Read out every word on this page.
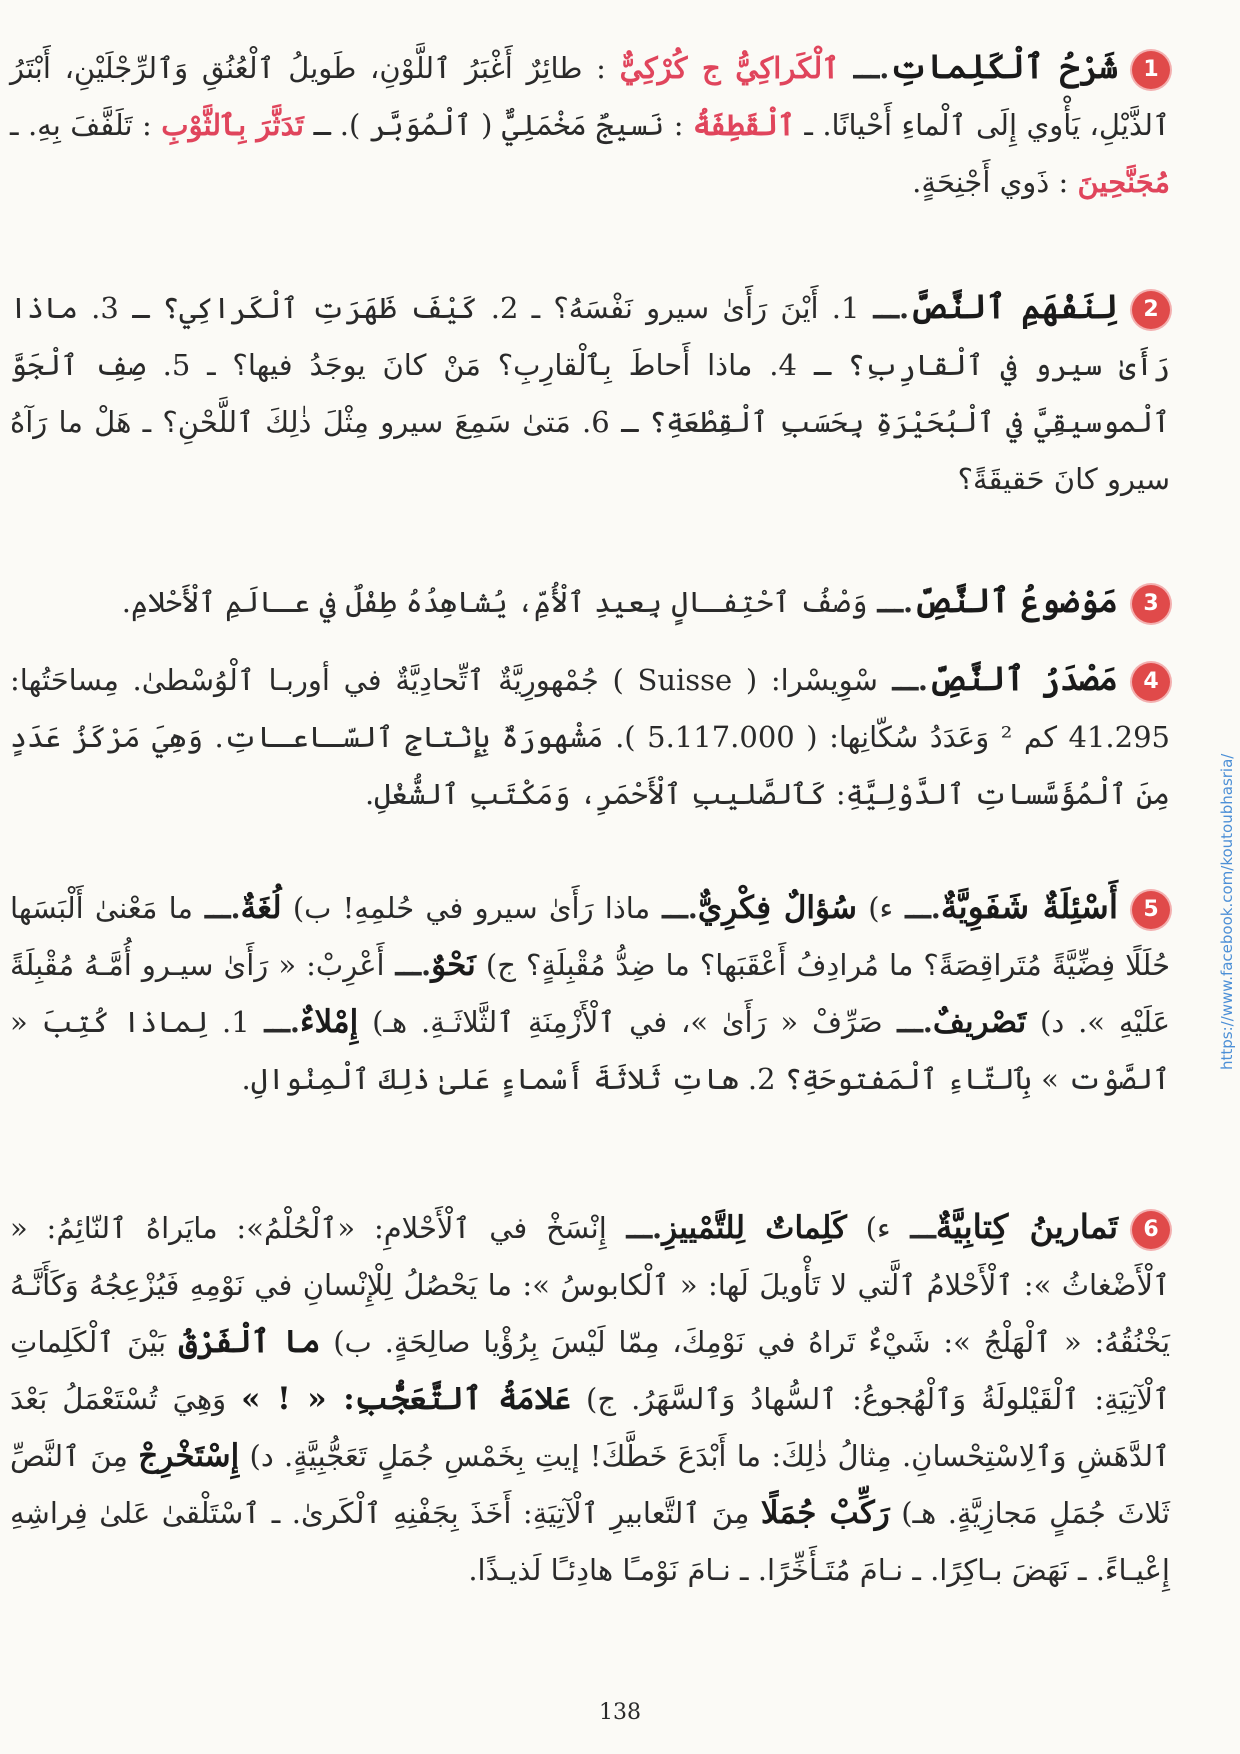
1شَرْحُ ٱلْكَلِماتِ.ـــ ٱلْكَراكِيُّ ج كُرْكِيٌّ : طائِرٌ أَغْبَرُ ٱللَّوْنِ، طَويلُ ٱلْعُنُقِ وَٱلرِّجْلَيْنِ، أَبْتَرُ ٱلذَّيْلِ، يَأْوي إِلَى ٱلْماءِ أَحْيانًا. ـ ٱلْقَطِفَةُ : نَسيجٌ مَخْمَلِيٌّ ( ٱلْمُوَبَّر ). ـ تَدَثَّرَ بِٱلثَّوْبِ : تَلَفَّفَ بِهِ. ـ مُجَنَّحِينَ : ذَوي أَجْنِحَةٍ.
2لِنَفْهَمِ ٱلنَّصَّ.ـــ 1. أَيْنَ رَأَىٰ سيرو نَفْسَهُ؟ ـ 2. كَيْفَ ظَهَرَتِ ٱلْكَراكِي؟ ـ 3. ماذا رَأَىٰ سيرو في ٱلْقارِبِ؟ ـ 4. ماذا أَحاطَ بِٱلْقارِبِ؟ مَنْ كانَ يوجَدُ فيها؟ ـ 5. صِفِ ٱلْجَوَّ ٱلْموسيقِيَّ في ٱلْبُحَيْرَةِ بِحَسَبِ ٱلْقِطْعَةِ؟ ـ 6. مَتىٰ سَمِعَ سيرو مِثْلَ ذٰلِكَ ٱللَّحْنِ؟ ـ هَلْ ما رَآهُ سيرو كانَ حَقيقَةً؟
3مَوْضوعُ ٱلنَّصِّ.ـــ وَصْفُ ٱحْتِفـالٍ بِعيدِ ٱلْأُمِّ، يُشاهِدُهُ طِفْلٌ في عـالَمِ ٱلْأَحْلامِ.
4مَصْدَرُ ٱلنَّصِّ.ـــ سْوِيسْرا: ( Suisse ) جُمْهورِيَّةٌ ٱتِّحادِيَّةٌ في أوربـا ٱلْوُسْطىٰ. مِساحَتُها: 41.295 كم ² وَعَدَدُ سُكّانِها: ( 5.117.000 ). مَشْهورَةٌ بِإِنْتاجِ ٱلسّـاعـاتِ. وَهِيَ مَرْكَزُ عَدَدٍ مِنَ ٱلْمُؤَسَّساتِ ٱلدَّوْلِيَّةِ: كَٱلصَّليبِ ٱلْأَحْمَرِ، وَمَكْتَبِ ٱلشُّغْلِ.
5أَسْئِلَةٌ شَفَوِيَّةٌ.ـــ ء) سُؤالٌ فِكْرِيٌّ.ـــ ماذا رَأَىٰ سيرو في حُلمِهِ! ب) لُغَةٌ.ـــ ما مَعْنىٰ أَلْبَسَها حُلَلًا فِضِّيَّةً مُتَراقِصَةً؟ ما مُرادِفُ أَعْقَبَها؟ ما ضِدُّ مُقْبِلَةٍ؟ ج) نَحْوٌ.ـــ أَعْرِبْ: « رَأَىٰ سيـرو أُمَّـهُ مُقْبِلَةً عَلَيْهِ ». د) تَصْريفٌ.ـــ صَرِّفْ « رَأَىٰ »، في ٱلْأَزْمِنَةِ ٱلثَّلاثَـةِ. هـ) إِمْلاءٌ.ـــ 1. لِماذا كُتِبَ « ٱلصَّوْت » بِٱلتّاءِ ٱلْمَفتوحَةِ؟ 2. هاتِ ثَلاثَةَ أَسْماءٍ عَلىٰ ذٰلِكَ ٱلْمِنْوالِ.
6تَمارينُ كِتابِيَّةٌـــ ء) كَلِماتٌ لِلتَّمْييزِ.ـــ إِنْسَخْ في ٱلْأَحْلامِ: «ٱلْحُلْمُ»: مايَراهُ ٱلنّائِمُ: « ٱلْأَضْغاثُ »: ٱلْأَحْلامُ ٱلَّتي لا تَأْويلَ لَها: « ٱلْكابوسُ »: ما يَحْصُلُ لِلْإِنْسانِ في نَوْمِهِ فَيُزْعِجُهُ وَكَأَنَّـهُ يَخْنُقُهُ: « ٱلْهَلْجُ »: شَيْءٌ تَراهُ في نَوْمِكَ، مِمّا لَيْسَ بِرُؤْيا صالِحَةٍ. ب) ما ٱلْفَرْقُ بَيْنَ ٱلْكَلِماتِ ٱلْآتِيَةِ: ٱلْقَيْلولَةُ وَٱلْهُجوعُ: ٱلسُّهادُ وَٱلسَّهَرُ. ج) عَلامَةُ ٱلتَّعَجُّبِ: « ! » وَهِيَ تُسْتَعْمَلُ بَعْدَ ٱلدَّهَشِ وَٱلِاسْتِحْسانِ. مِثالُ ذٰلِكَ: ما أَبْدَعَ خَطَّكَ! إيتِ بِخَمْسِ جُمَلٍ تَعَجُّبِيَّةٍ. د) إِسْتَخْرِجْ مِنَ ٱلنَّصِّ ثَلاثَ جُمَلٍ مَجازِيَّةٍ. هـ) رَكِّبْ جُمَلًا مِنَ ٱلتَّعابيرِ ٱلْآتِيَةِ: أَخَذَ بِجَفْنِهِ ٱلْكَرىٰ. ـ ٱسْتَلْقىٰ عَلىٰ فِراشِهِ إِعْيـاءً. ـ نَهَضَ بـاكِرًا. ـ نـامَ مُتَـأَخِّرًا. ـ نـامَ نَوْمـًا هادِئـًا لَذيـذًا.
https://www.facebook.com/koutoubhasria/
138
